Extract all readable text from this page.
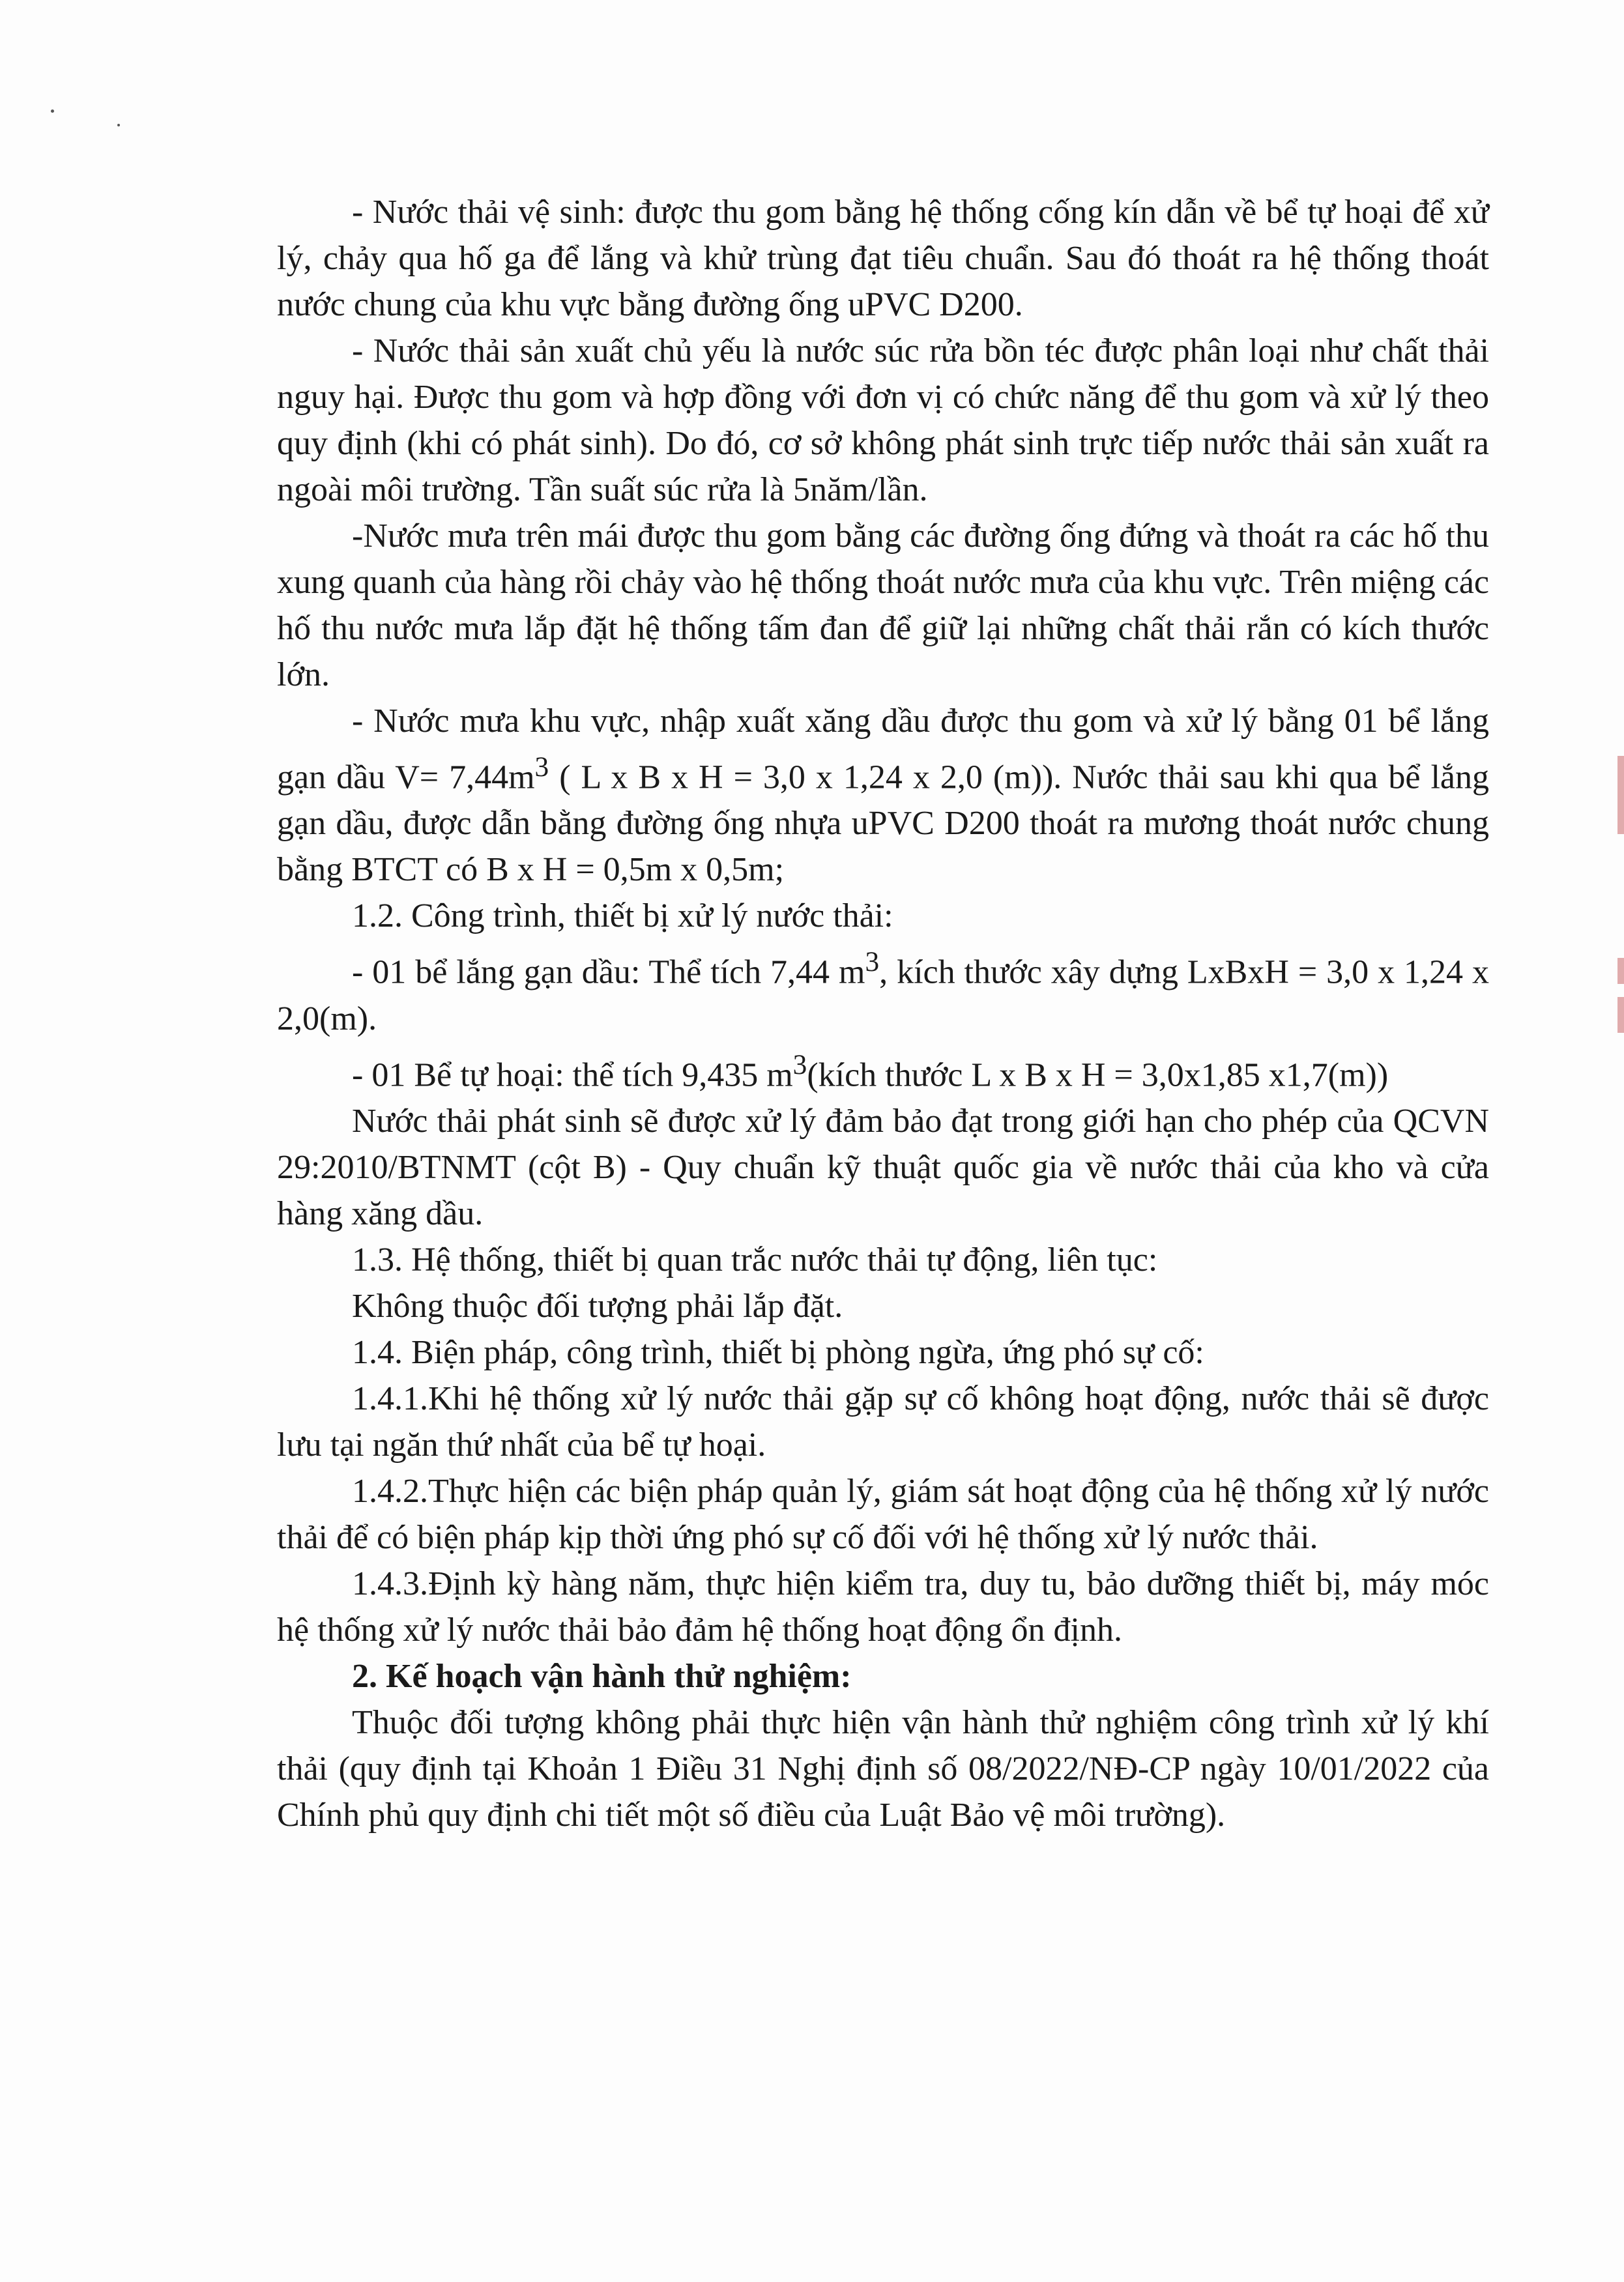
- Nước thải vệ sinh: được thu gom bằng hệ thống cống kín dẫn về bể tự hoại để xử lý, chảy qua hố ga để lắng và khử trùng đạt tiêu chuẩn. Sau đó thoát ra hệ thống thoát nước chung của khu vực bằng đường ống uPVC D200.

- Nước thải sản xuất chủ yếu là nước súc rửa bồn téc được phân loại như chất thải nguy hại. Được thu gom và hợp đồng với đơn vị có chức năng để thu gom và xử lý theo quy định (khi có phát sinh). Do đó, cơ sở không phát sinh trực tiếp nước thải sản xuất ra ngoài môi trường. Tần suất súc rửa là 5năm/lần.

-Nước mưa trên mái được thu gom bằng các đường ống đứng và thoát ra các hố thu xung quanh của hàng rồi chảy vào hệ thống thoát nước mưa của khu vực. Trên miệng các hố thu nước mưa lắp đặt hệ thống tấm đan để giữ lại những chất thải rắn có kích thước lớn.

- Nước mưa khu vực, nhập xuất xăng dầu được thu gom và xử lý bằng 01 bể lắng gạn dầu $V= 7,44m^3$ ( L x B x H = 3,0 x 1,24 x 2,0 (m)). Nước thải sau khi qua bể lắng gạn dầu, được dẫn bằng đường ống nhựa uPVC D200 thoát ra mương thoát nước chung bằng BTCT có B x H = 0,5m x 0,5m;

1.2. Công trình, thiết bị xử lý nước thải:

- 01 bể lắng gạn dầu: Thể tích 7,44 $m^3$, kích thước xây dựng LxBxH = 3,0 x 1,24 x 2,0(m).

- 01 Bể tự hoại: thể tích 9,435 $m^3(kích$ thước L x B x H = 3,0x1,85 x1,7(m))

Nước thải phát sinh sẽ được xử lý đảm bảo đạt trong giới hạn cho phép của QCVN 29:2010/BTNMT (cột B) - Quy chuẩn kỹ thuật quốc gia về nước thải của kho và cửa hàng xăng dầu.

1.3. Hệ thống, thiết bị quan trắc nước thải tự động, liên tục:

Không thuộc đối tượng phải lắp đặt.

1.4. Biện pháp, công trình, thiết bị phòng ngừa, ứng phó sự cố:

1.4.1.Khi hệ thống xử lý nước thải gặp sự cố không hoạt động, nước thải sẽ được lưu tại ngăn thứ nhất của bể tự hoại.

1.4.2.Thực hiện các biện pháp quản lý, giám sát hoạt động của hệ thống xử lý nước thải để có biện pháp kịp thời ứng phó sự cố đối với hệ thống xử lý nước thải.

1.4.3.Định kỳ hàng năm, thực hiện kiểm tra, duy tu, bảo dưỡng thiết bị, máy móc hệ thống xử lý nước thải bảo đảm hệ thống hoạt động ổn định.

2. Kế hoạch vận hành thử nghiệm:

Thuộc đối tượng không phải thực hiện vận hành thử nghiệm công trình xử lý khí thải (quy định tại Khoản 1 Điều 31 Nghị định số 08/2022/NĐ-CP ngày 10/01/2022 của Chính phủ quy định chi tiết một số điều của Luật Bảo vệ môi trường).
